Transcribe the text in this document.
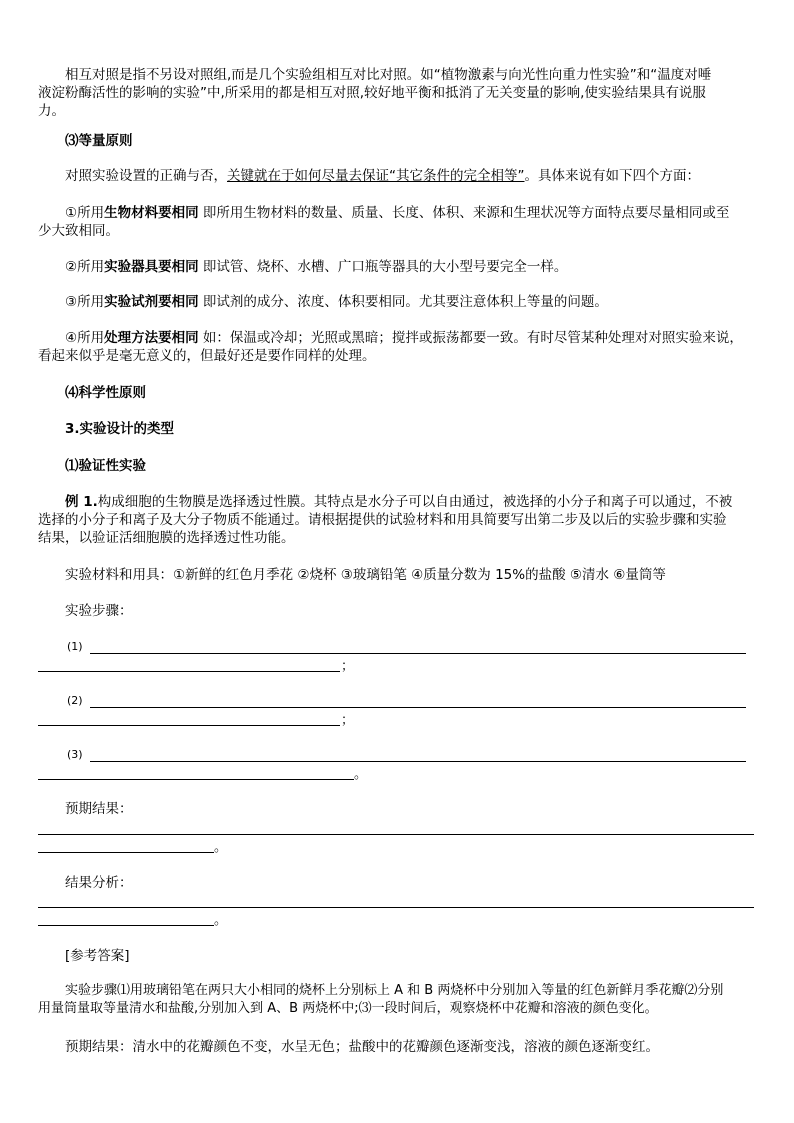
相互对照是指不另设对照组,而是几个实验组相互对比对照。如“植物激素与向光性向重力性实验”和“温度对唾
液淀粉酶活性的影响的实验”中,所采用的都是相互对照,较好地平衡和抵消了无关变量的影响,使实验结果具有说服
力。
⑶等量原则
对照实验设置的正确与否，关键就在于如何尽量去保证“其它条件的完全相等”。具体来说有如下四个方面：
①所用生物材料要相同 即所用生物材料的数量、质量、长度、体积、来源和生理状况等方面特点要尽量相同或至
少大致相同。
②所用实验器具要相同 即试管、烧杯、水槽、广口瓶等器具的大小型号要完全一样。
③所用实验试剂要相同 即试剂的成分、浓度、体积要相同。尤其要注意体积上等量的问题。
④所用处理方法要相同 如：保温或冷却；光照或黑暗；搅拌或振荡都要一致。有时尽管某种处理对对照实验来说，
看起来似乎是毫无意义的，但最好还是要作同样的处理。
⑷科学性原则
3.实验设计的类型
⑴验证性实验
例 1.构成细胞的生物膜是选择透过性膜。其特点是水分子可以自由通过，被选择的小分子和离子可以通过，不被
选择的小分子和离子及大分子物质不能通过。请根据提供的试验材料和用具简要写出第二步及以后的实验步骤和实验
结果，以验证活细胞膜的选择透过性功能。
实验材料和用具：①新鲜的红色月季花 ②烧杯 ③玻璃铅笔 ④质量分数为 15%的盐酸 ⑤清水 ⑥量筒等
实验步骤：
(1)
；
(2)
；
(3)
。
预期结果：
。
结果分析：
。
[参考答案]
实验步骤⑴用玻璃铅笔在两只大小相同的烧杯上分别标上 A 和 B 两烧杯中分别加入等量的红色新鲜月季花瓣⑵分别
用量筒量取等量清水和盐酸,分别加入到 A、B 两烧杯中;⑶一段时间后，观察烧杯中花瓣和溶液的颜色变化。
预期结果：清水中的花瓣颜色不变，水呈无色；盐酸中的花瓣颜色逐渐变浅，溶液的颜色逐渐变红。
